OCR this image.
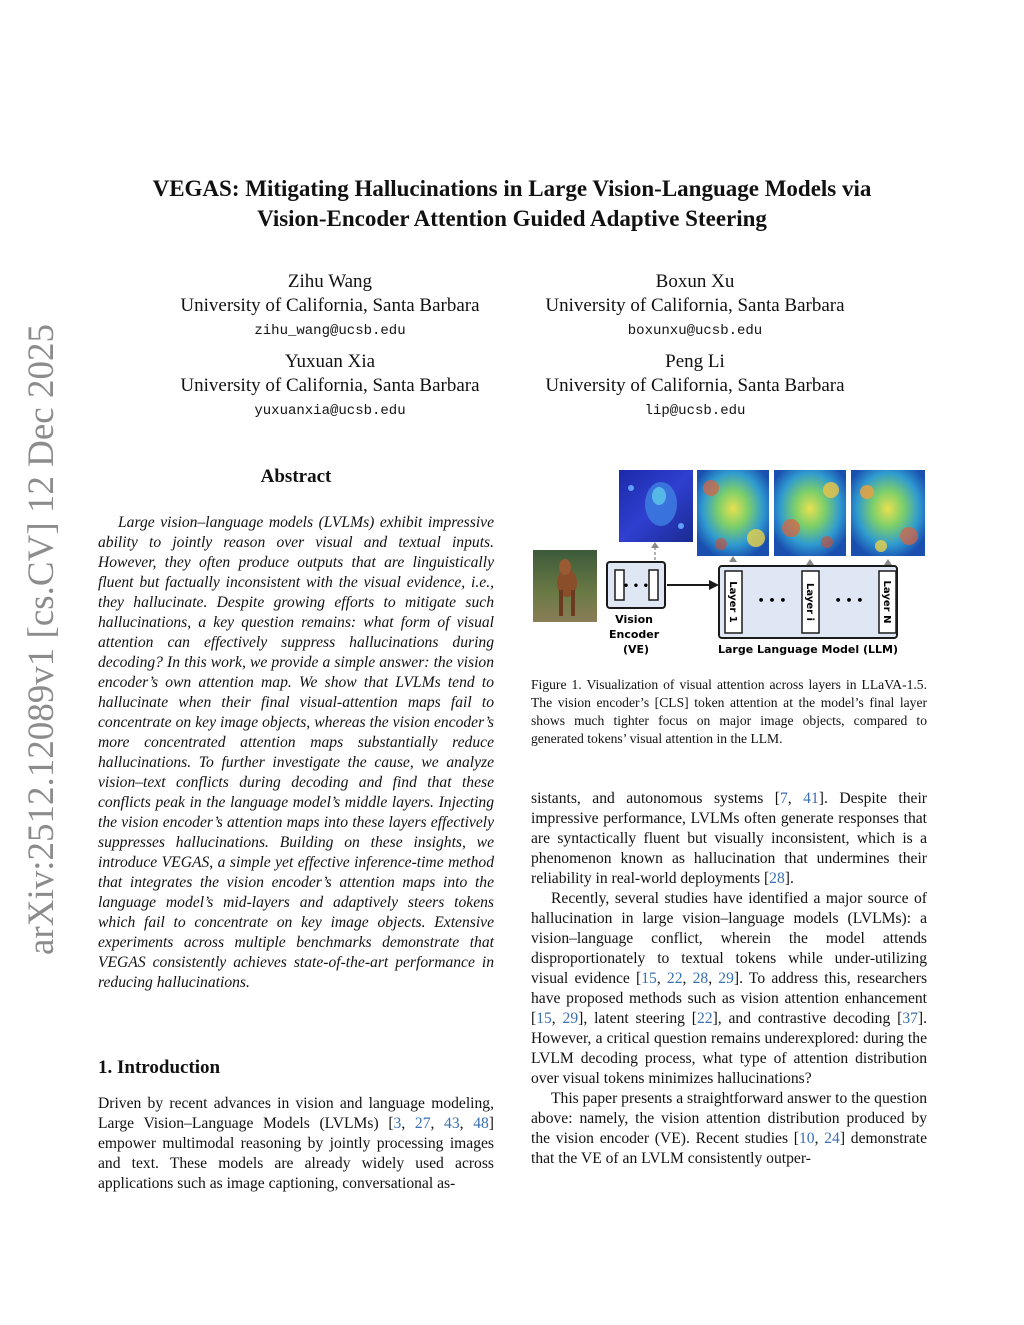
arXiv:2512.12089v1 [cs.CV] 12 Dec 2025
VEGAS: Mitigating Hallucinations in Large Vision-Language Models via
Vision-Encoder Attention Guided Adaptive Steering
Zihu Wang
University of California, Santa Barbara
zihu_wang@ucsb.edu
Boxun Xu
University of California, Santa Barbara
boxunxu@ucsb.edu
Yuxuan Xia
University of California, Santa Barbara
yuxuanxia@ucsb.edu
Peng Li
University of California, Santa Barbara
lip@ucsb.edu
Abstract

Large vision–language models (LVLMs) exhibit impressive ability to jointly reason over visual and textual inputs. However, they often produce outputs that are linguistically fluent but factually inconsistent with the visual evidence, i.e., they hallucinate. Despite growing efforts to mitigate such hallucinations, a key question remains: what form of visual attention can effectively suppress hallucinations during decoding? In this work, we provide a simple answer: the vision encoder’s own attention map. We show that LVLMs tend to hallucinate when their final visual-attention maps fail to concentrate on key image objects, whereas the vision encoder’s more concentrated attention maps substantially reduce hallucinations. To further investigate the cause, we analyze vision–text conflicts during decoding and find that these conflicts peak in the language model’s middle layers. Injecting the vision encoder’s attention maps into these layers effectively suppresses hallucinations. Building on these insights, we introduce VEGAS, a simple yet effective inference-time method that integrates the vision encoder’s attention maps into the language model’s mid-layers and adaptively steers tokens which fail to concentrate on key image objects. Extensive experiments across multiple benchmarks demonstrate that VEGAS consistently achieves state-of-the-art performance in reducing hallucinations.

1. Introduction

Driven by recent advances in vision and language modeling, Large Vision–Language Models (LVLMs) [3, 27, 43, 48] empower multimodal reasoning by jointly processing images and text. These models are already widely used across applications such as image captioning, conversational as-

• • •
Vision Encoder (VE)
Layer 1	Layer i	Layer N
• • •	• • •
Large Language Model (LLM)
Figure 1. Visualization of visual attention across layers in LLaVA-1.5. The vision encoder’s [CLS] token attention at the model’s final layer shows much tighter focus on major image objects, compared to generated tokens’ visual attention in the LLM.

sistants, and autonomous systems [7, 41]. Despite their impressive performance, LVLMs often generate responses that are syntactically fluent but visually inconsistent, which is a phenomenon known as hallucination that undermines their reliability in real-world deployments [28].

Recently, several studies have identified a major source of hallucination in large vision–language models (LVLMs): a vision–language conflict, wherein the model attends disproportionately to textual tokens while under-utilizing visual evidence [15, 22, 28, 29]. To address this, researchers have proposed methods such as vision attention enhancement [15, 29], latent steering [22], and contrastive decoding [37]. However, a critical question remains underexplored: during the LVLM decoding process, what type of attention distribution over visual tokens minimizes hallucinations?

This paper presents a straightforward answer to the question above: namely, the vision attention distribution produced by the vision encoder (VE). Recent studies [10, 24] demonstrate that the VE of an LVLM consistently outper-
